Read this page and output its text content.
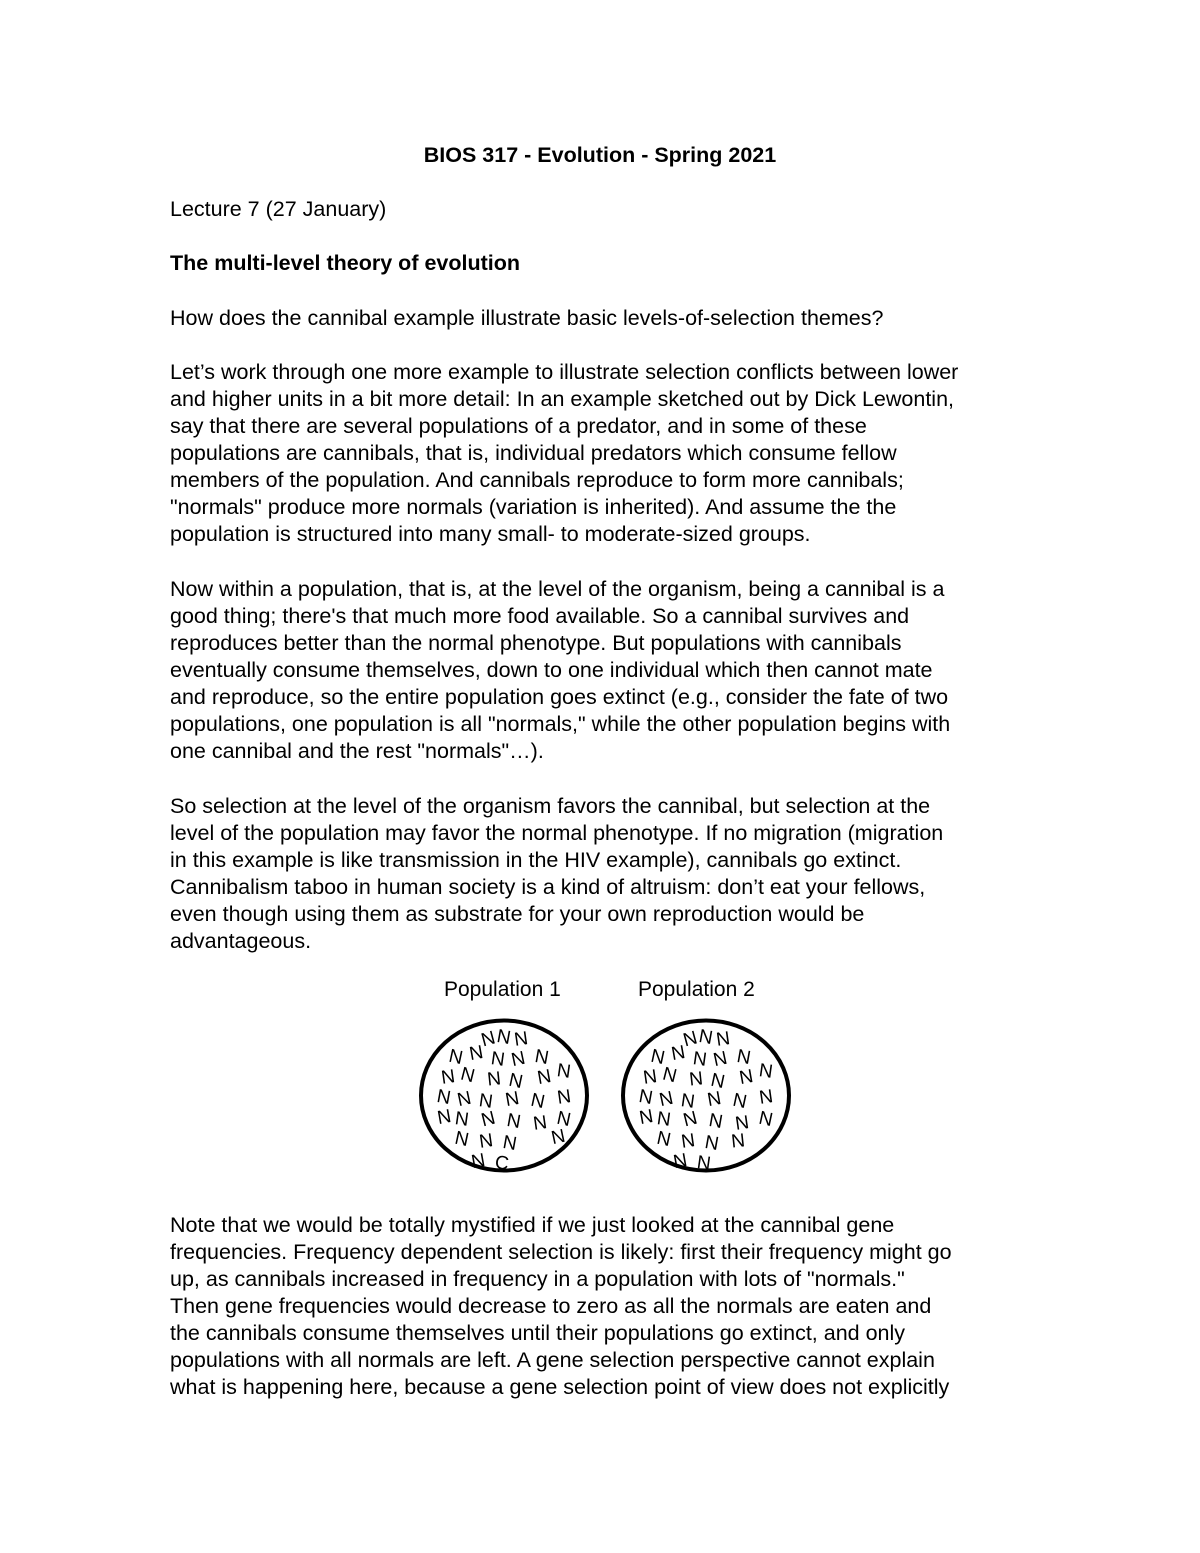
BIOS 317 - Evolution - Spring 2021
Lecture 7 (27 January)
The multi-level theory of evolution
How does the cannibal example illustrate basic levels-of-selection themes?
Let’s work through one more example to illustrate selection conflicts between lower
and higher units in a bit more detail: In an example sketched out by Dick Lewontin,
say that there are several populations of a predator, and in some of these
populations are cannibals, that is, individual predators which consume fellow
members of the population. And cannibals reproduce to form more cannibals;
"normals" produce more normals (variation is inherited). And assume the the
population is structured into many small- to moderate-sized groups.
Now within a population, that is, at the level of the organism, being a cannibal is a
good thing; there's that much more food available. So a cannibal survives and
reproduces better than the normal phenotype. But populations with cannibals
eventually consume themselves, down to one individual which then cannot mate
and reproduce, so the entire population goes extinct (e.g., consider the fate of two
populations, one population is all "normals," while the other population begins with
one cannibal and the rest "normals"…).
So selection at the level of the organism favors the cannibal, but selection at the
level of the population may favor the normal phenotype. If no migration (migration
in this example is like transmission in the HIV example), cannibals go extinct.
Cannibalism taboo in human society is a kind of altruism: don’t eat your fellows,
even though using them as substrate for your own reproduction would be
advantageous.
Population 1	Population 2
N
N N
N N N N N
N N N N N N
N N N N N N
N N N N N N
N N N N
N C
N
N N
N N N N N
N N N N N N
N N N N N N
N N N N N N
N N N N
N N
Note that we would be totally mystified if we just looked at the cannibal gene
frequencies. Frequency dependent selection is likely: first their frequency might go
up, as cannibals increased in frequency in a population with lots of "normals."
Then gene frequencies would decrease to zero as all the normals are eaten and
the cannibals consume themselves until their populations go extinct, and only
populations with all normals are left. A gene selection perspective cannot explain
what is happening here, because a gene selection point of view does not explicitly
